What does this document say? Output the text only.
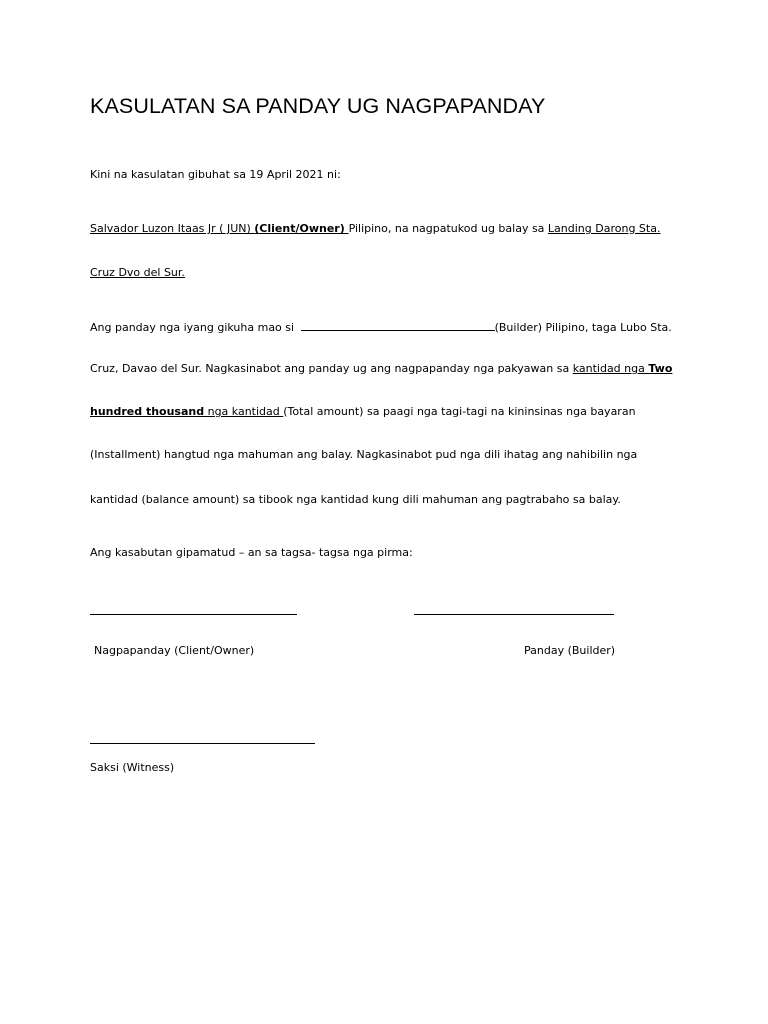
KASULATAN SA PANDAY UG NAGPAPANDAY
Kini na kasulatan gibuhat sa 19 April 2021 ni:
Salvador Luzon Itaas Jr ( JUN) (Client/Owner) Pilipino, na nagpatukod ug balay sa Landing Darong Sta.
Cruz Dvo del Sur.
Ang panday nga iyang gikuha mao si	(Builder) Pilipino, taga Lubo Sta.
Cruz, Davao del Sur. Nagkasinabot ang panday ug ang nagpapanday nga pakyawan sa kantidad nga Two
hundred thousand nga kantidad (Total amount) sa paagi nga tagi-tagi na kininsinas nga bayaran
(Installment) hangtud nga mahuman ang balay. Nagkasinabot pud nga dili ihatag ang nahibilin nga
kantidad (balance amount) sa tibook nga kantidad kung dili mahuman ang pagtrabaho sa balay.
Ang kasabutan gipamatud – an sa tagsa- tagsa nga pirma:
Nagpapanday (Client/Owner)	Panday (Builder)
Saksi (Witness)
